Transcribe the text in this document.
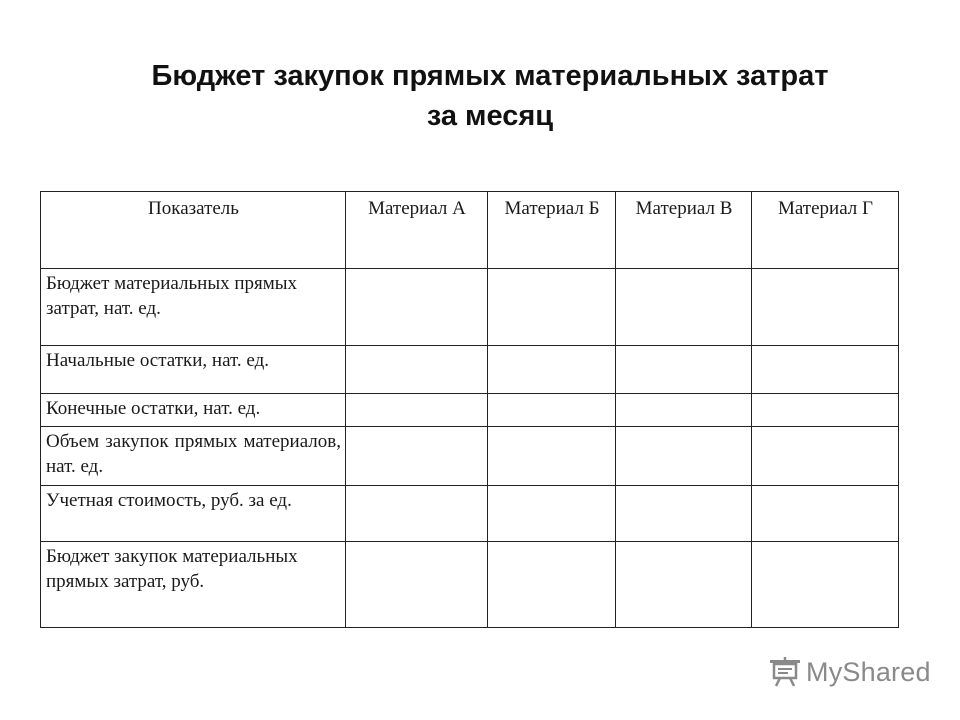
Бюджет закупок прямых материальных затрат
за месяц
Показатель	Материал А	Материал Б	Материал В	Материал Г
Бюджет материальных прямых затрат, нат. ед.				
Начальные остатки, нат. ед.				
Конечные остатки, нат. ед.				
Объем закупок прямых материалов, нат. ед.				
Учетная стоимость, руб. за ед.				
Бюджет закупок материальных прямых затрат, руб.				
MyShared
